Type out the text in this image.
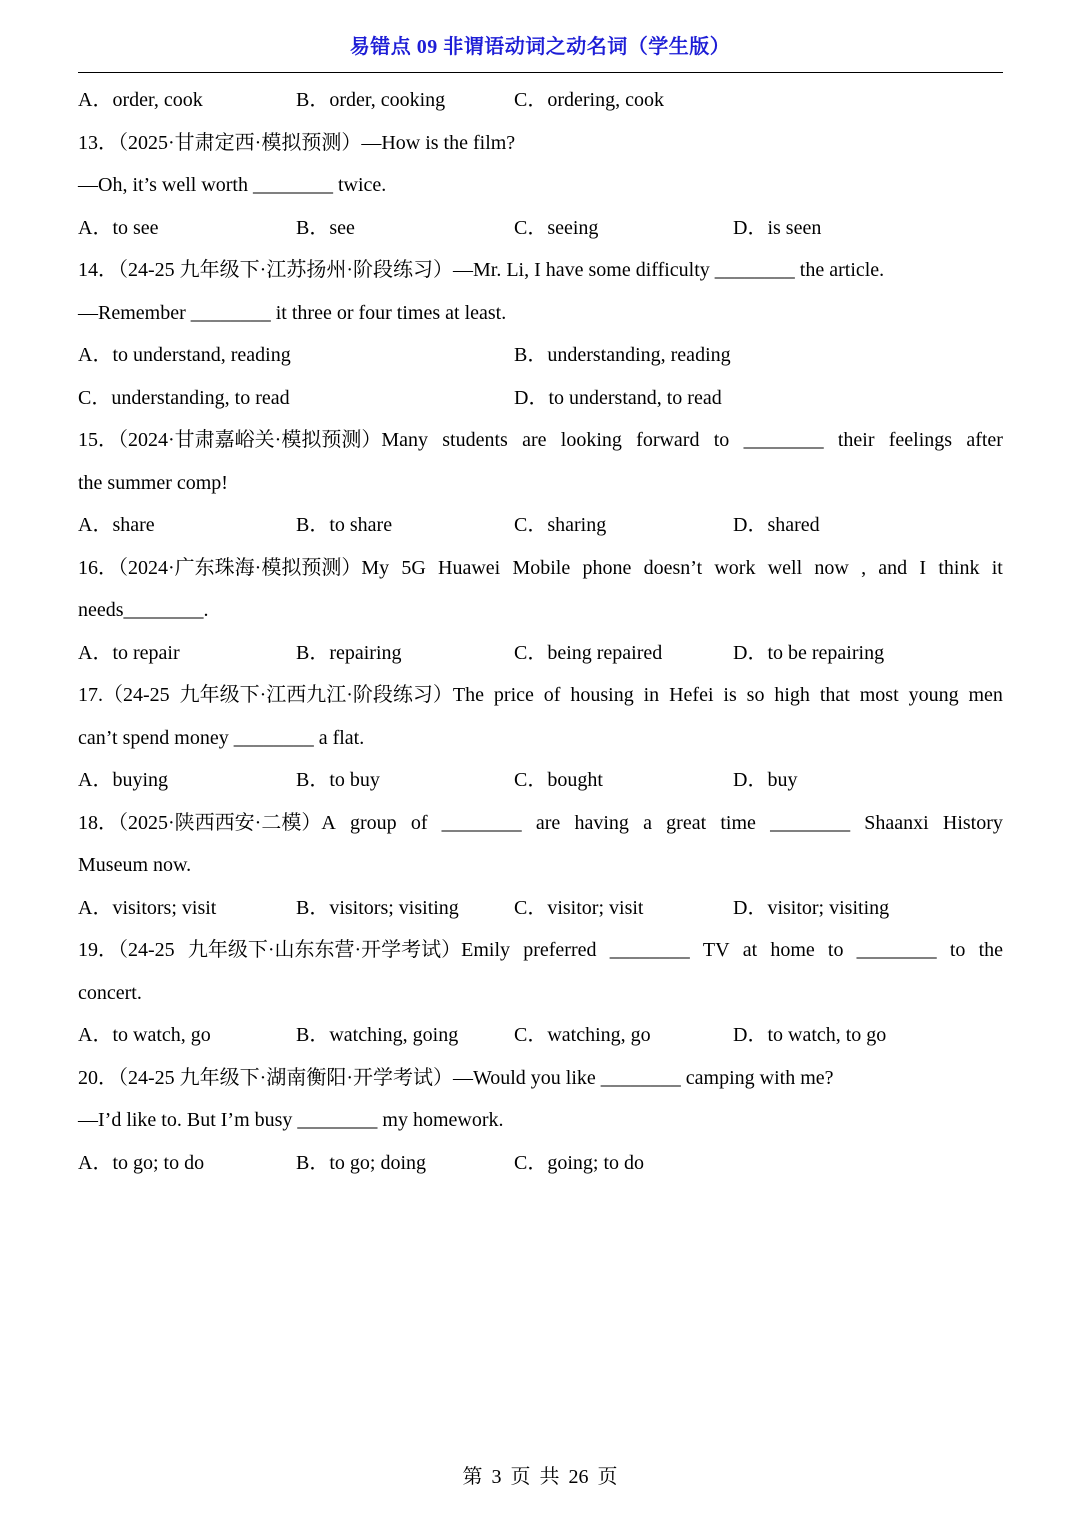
易错点 09 非谓语动词之动名词（学生版）
A．order, cook	B．order, cooking	C．ordering, cook
13．（2025·甘肃定西·模拟预测）—How is the film?
—Oh, it’s well worth ________ twice.
A．to see	B．see	C．seeing	D．is seen
14．（24-25 九年级下·江苏扬州·阶段练习）—Mr. Li, I have some difficulty ________ the article.
—Remember ________ it three or four times at least.
A．to understand, reading	B．understanding, reading
C．understanding, to read	D．to understand, to read
15．（2024·甘肃嘉峪关·模拟预测）Many students are looking forward to ________ their feelings after
the summer comp!
A．share	B．to share	C．sharing	D．shared
16．（2024·广东珠海·模拟预测）My 5G Huawei Mobile phone doesn’t work well now , and I think it
needs________.
A．to repair	B．repairing	C．being repaired	D．to be repairing
17.（24-25 九年级下·江西九江·阶段练习）The price of housing in Hefei is so high that most young men
can’t spend money ________ a flat.
A．buying	B．to buy	C．bought	D．buy
18．（2025·陕西西安·二模）A group of ________ are having a great time ________ Shaanxi History
Museum now.
A．visitors; visit	B．visitors; visiting	C．visitor; visit	D．visitor; visiting
19．（24-25 九年级下·山东东营·开学考试）Emily preferred ________ TV at home to ________ to the
concert.
A．to watch, go	B．watching, going	C．watching, go	D．to watch, to go
20．（24-25 九年级下·湖南衡阳·开学考试）—Would you like ________ camping with me?
—I’d like to. But I’m busy ________ my homework.
A．to go; to do	B．to go; doing	C．going; to do
第 3 页 共 26 页
